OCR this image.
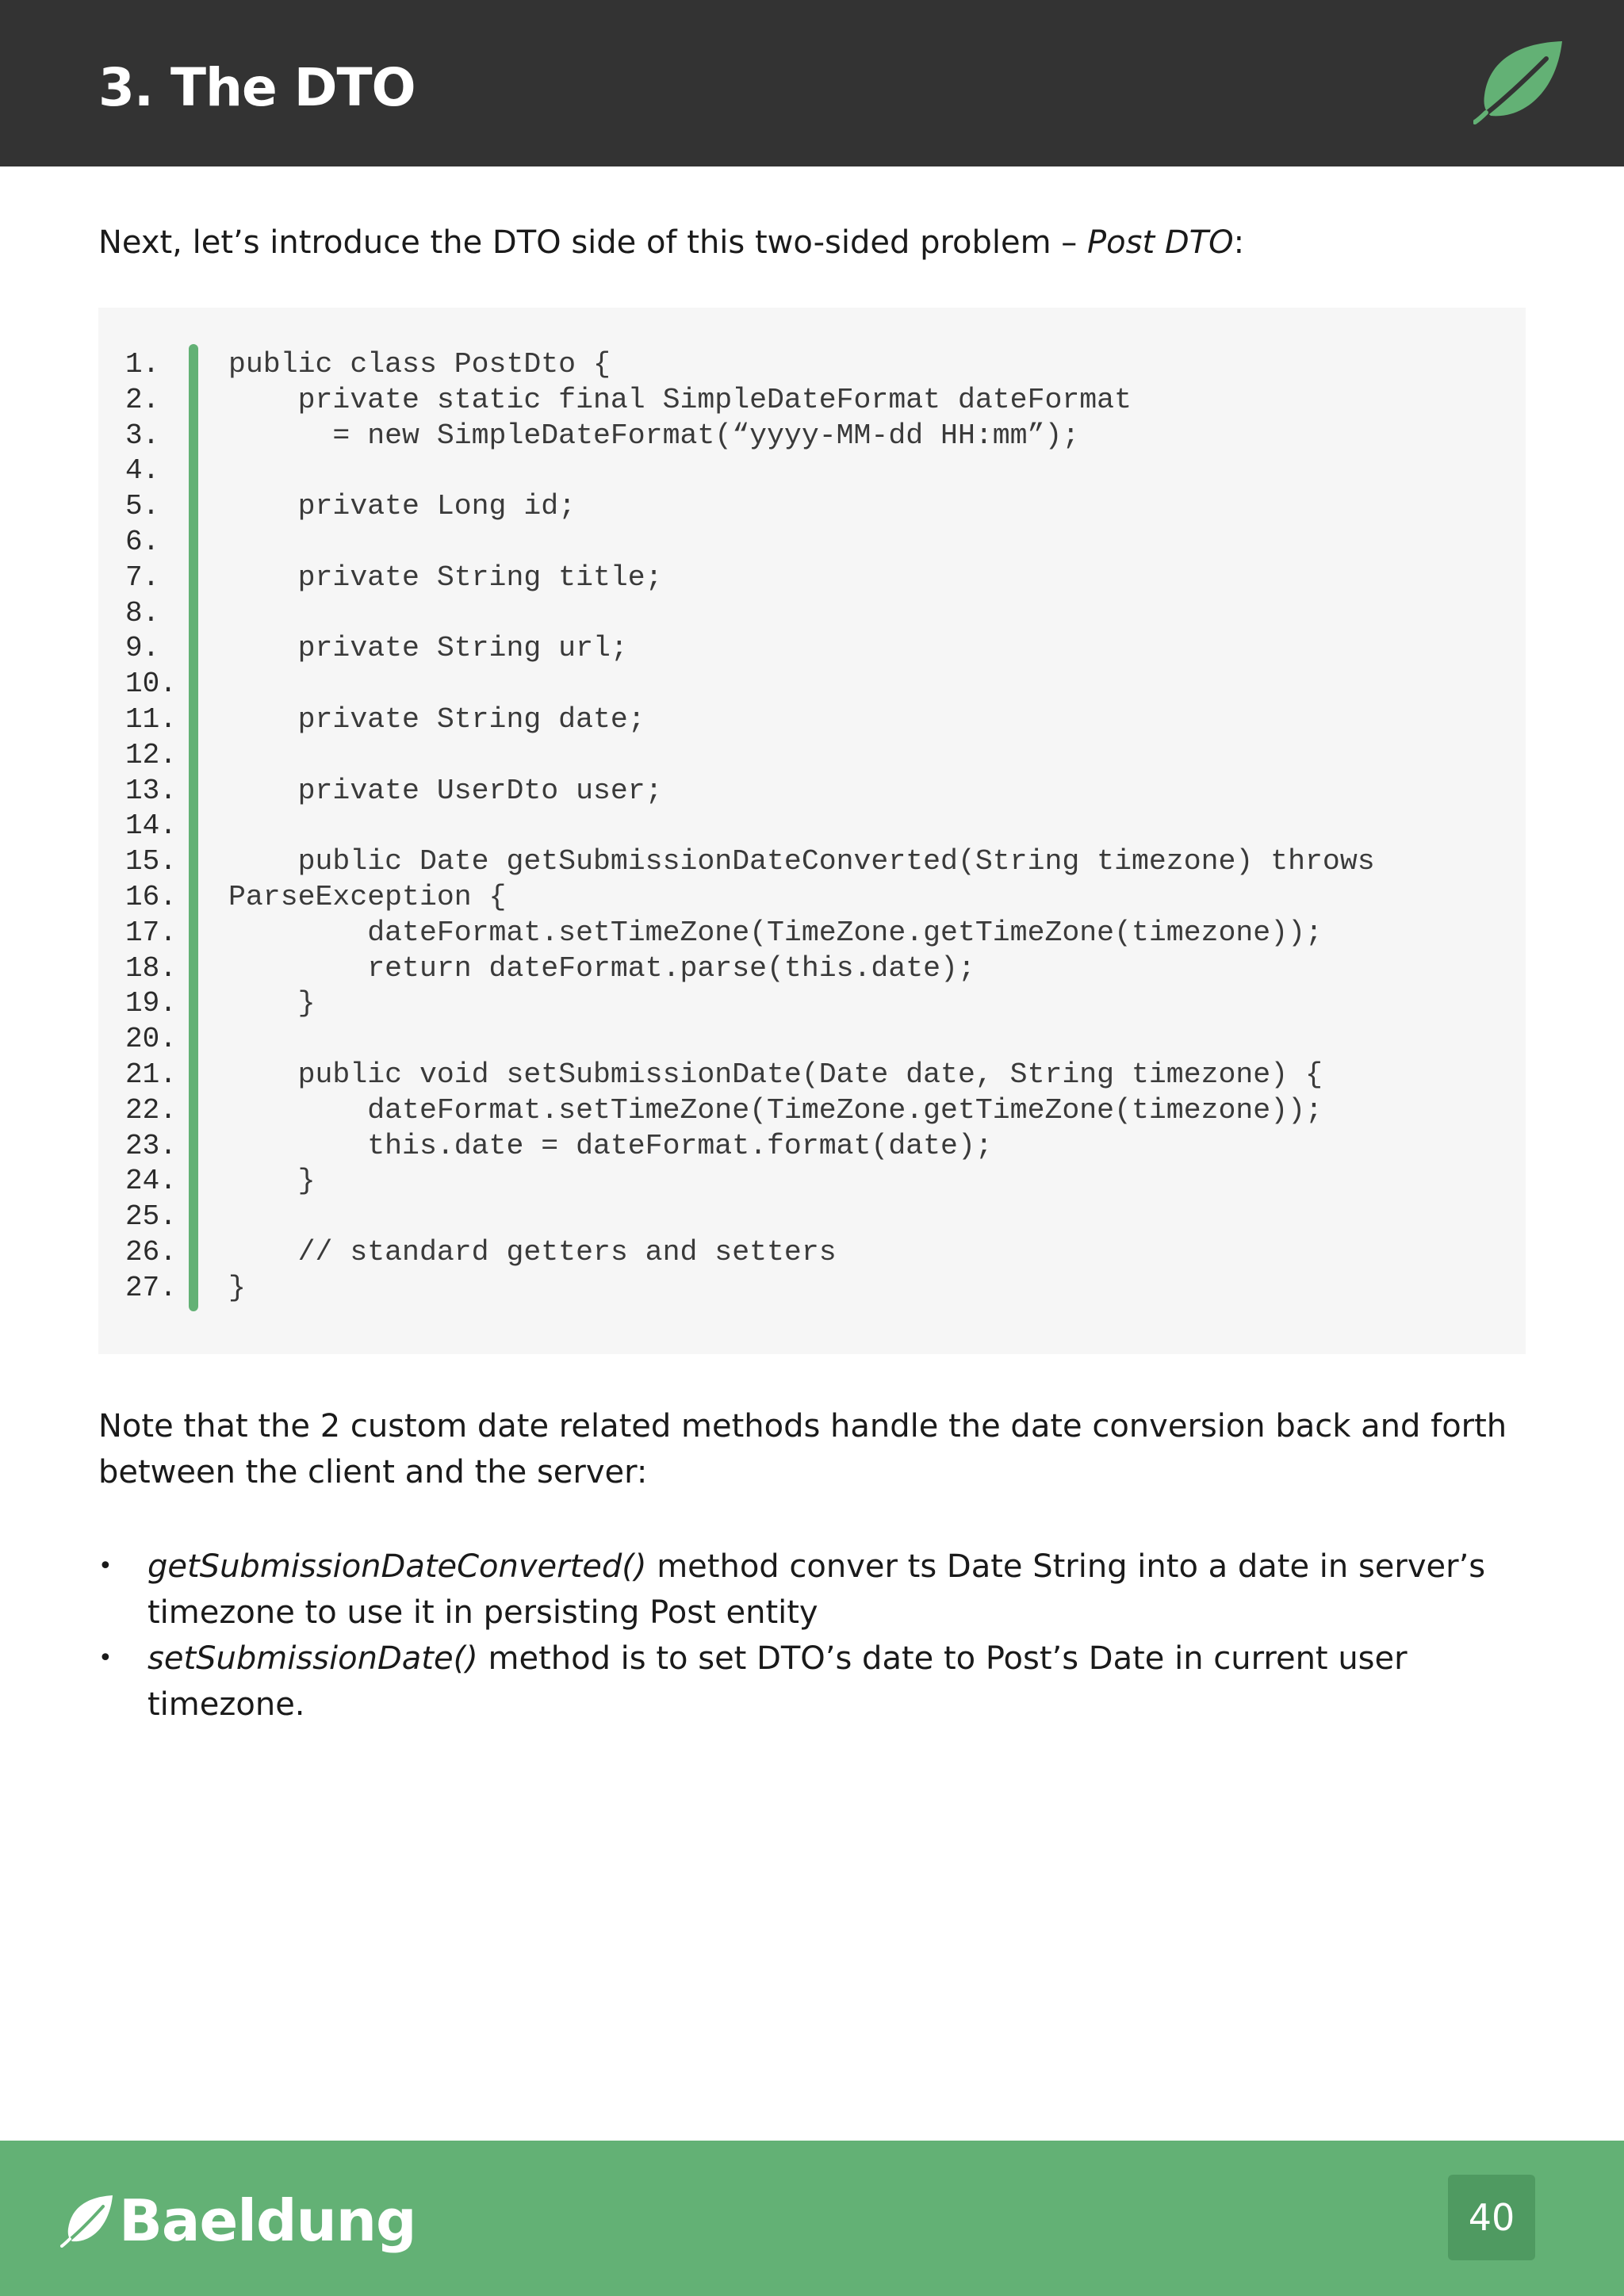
3. The DTO
Next, let’s introduce the DTO side of this two-sided problem – Post DTO:
1.
2.
3.
4.
5.
6.
7.
8.
9.
10.
11.
12.
13.
14.
15.
16.
17.
18.
19.
20.
21.
22.
23.
24.
25.
26.
27.
public class PostDto {
private static final SimpleDateFormat dateFormat
= new SimpleDateFormat(“yyyy-MM-dd HH:mm”);
private Long id;
private String title;
private String url;
private String date;
private UserDto user;
public Date getSubmissionDateConverted(String timezone) throws
ParseException {
dateFormat.setTimeZone(TimeZone.getTimeZone(timezone));
return dateFormat.parse(this.date);
}
public void setSubmissionDate(Date date, String timezone) {
dateFormat.setTimeZone(TimeZone.getTimeZone(timezone));
this.date = dateFormat.format(date);
}
// standard getters and setters
}
Note that the 2 custom date related methods handle the date conversion back and forth between the client and the server:
• getSubmissionDateConverted() method conver ts Date String into a date in server’s timezone to use it in persisting Post entity
• setSubmissionDate() method is to set DTO’s date to Post’s Date in current user timezone.
Baeldung	40
